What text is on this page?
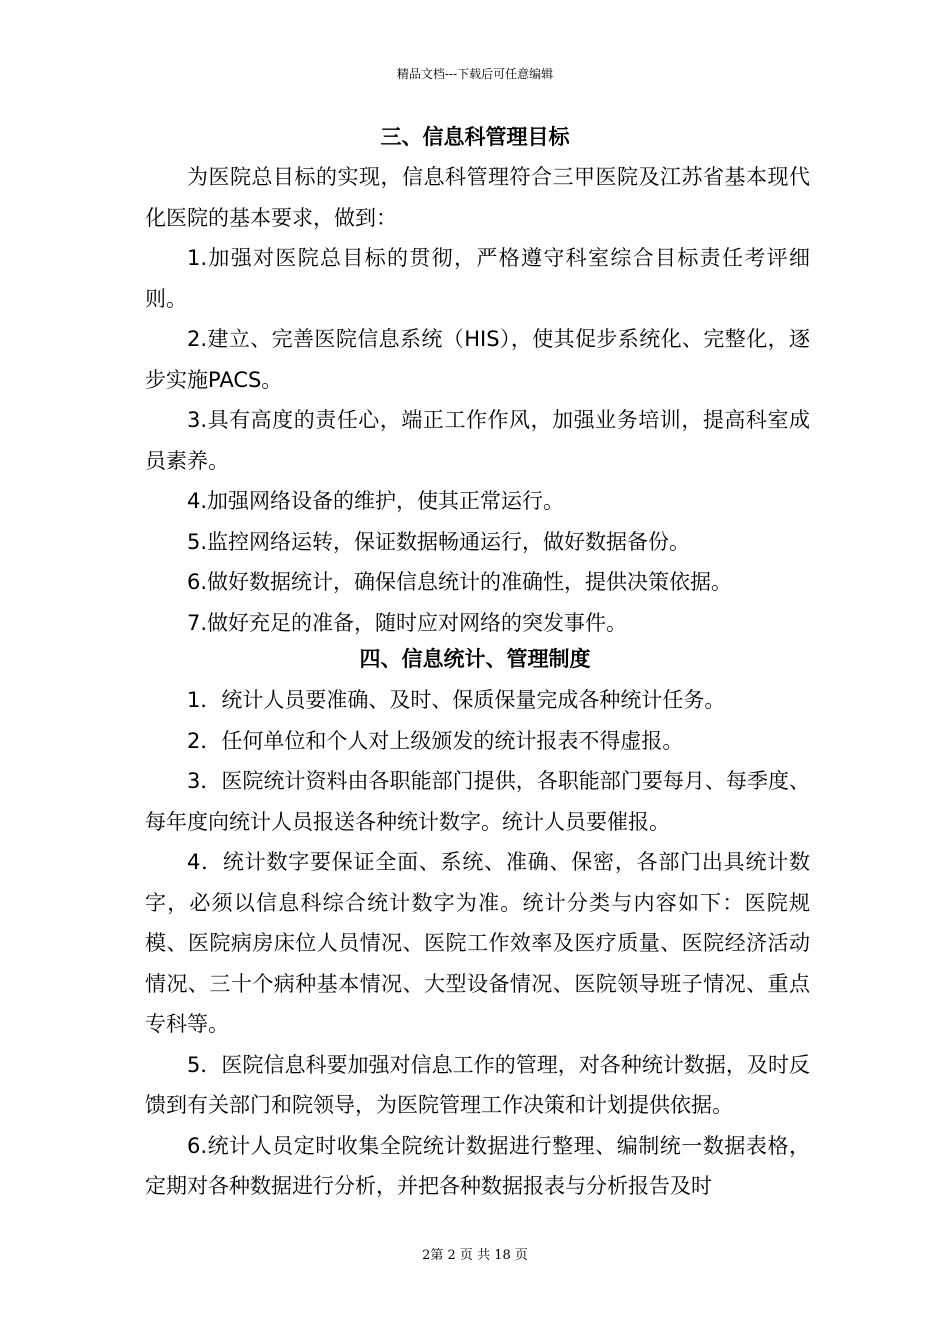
精品文档---下载后可任意编辑
三、信息科管理目标

为医院总目标的实现，信息科管理符合三甲医院及江苏省基本现代化医院的基本要求，做到：

1.加强对医院总目标的贯彻，严格遵守科室综合目标责任考评细则。

2.建立、完善医院信息系统（HIS），使其促步系统化、完整化，逐步实施PACS。

3.具有高度的责任心，端正工作作风，加强业务培训，提高科室成员素养。

4.加强网络设备的维护，使其正常运行。

5.监控网络运转，保证数据畅通运行，做好数据备份。

6.做好数据统计，确保信息统计的准确性，提供决策依据。

7.做好充足的准备，随时应对网络的突发事件。

四、信息统计、管理制度

1．统计人员要准确、及时、保质保量完成各种统计任务。

2．任何单位和个人对上级颁发的统计报表不得虚报。

3．医院统计资料由各职能部门提供，各职能部门要每月、每季度、每年度向统计人员报送各种统计数字。统计人员要催报。

4．统计数字要保证全面、系统、准确、保密，各部门出具统计数字，必须以信息科综合统计数字为准。统计分类与内容如下：医院规模、医院病房床位人员情况、医院工作效率及医疗质量、医院经济活动情况、三十个病种基本情况、大型设备情况、医院领导班子情况、重点专科等。

5．医院信息科要加强对信息工作的管理，对各种统计数据，及时反馈到有关部门和院领导，为医院管理工作决策和计划提供依据。

6.统计人员定时收集全院统计数据进行整理、编制统一数据表格，定期对各种数据进行分析，并把各种数据报表与分析报告及时

2第 2 页 共 18 页
